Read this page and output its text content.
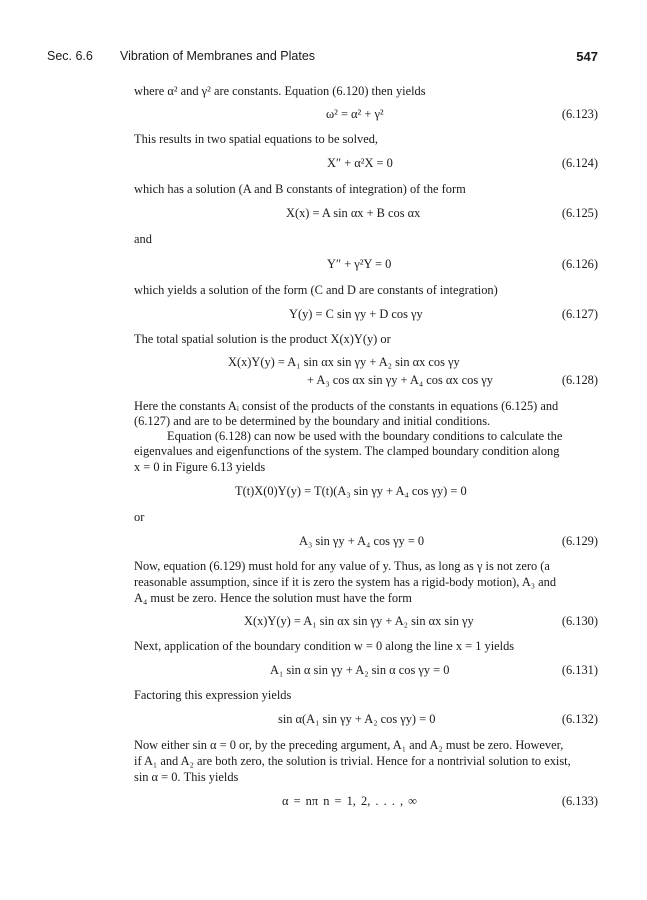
Sec. 6.6 Vibration of Membranes and Plates	547
where α² and γ² are constants. Equation (6.120) then yields
ω² = α² + γ²	(6.123)
This results in two spatial equations to be solved,
X″ + α²X = 0	(6.124)
which has a solution (A and B constants of integration) of the form
X(x) = A sin αx + B cos αx	(6.125)
and
Y″ + γ²Y = 0	(6.126)
which yields a solution of the form (C and D are constants of integration)
Y(y) = C sin γy + D cos γy	(6.127)
The total spatial solution is the product X(x)Y(y) or
X(x)Y(y) = A₁ sin αx sin γy + A₂ sin αx cos γy
+ A₃ cos αx sin γy + A₄ cos αx cos γy	(6.128)
Here the constants Aᵢ consist of the products of the constants in equations (6.125) and
(6.127) and are to be determined by the boundary and initial conditions.
Equation (6.128) can now be used with the boundary conditions to calculate the
eigenvalues and eigenfunctions of the system. The clamped boundary condition along
x = 0 in Figure 6.13 yields
T(t)X(0)Y(y) = T(t)(A₃ sin γy + A₄ cos γy) = 0
or
A₃ sin γy + A₄ cos γy = 0	(6.129)
Now, equation (6.129) must hold for any value of y. Thus, as long as γ is not zero (a
reasonable assumption, since if it is zero the system has a rigid-body motion), A₃ and
A₄ must be zero. Hence the solution must have the form
X(x)Y(y) = A₁ sin αx sin γy + A₂ sin αx sin γy	(6.130)
Next, application of the boundary condition w = 0 along the line x = 1 yields
A₁ sin α sin γy + A₂ sin α cos γy = 0	(6.131)
Factoring this expression yields
sin α(A₁ sin γy + A₂ cos γy) = 0	(6.132)
Now either sin α = 0 or, by the preceding argument, A₁ and A₂ must be zero. However,
if A₁ and A₂ are both zero, the solution is trivial. Hence for a nontrivial solution to exist,
sin α = 0. This yields
α = nπ n = 1, 2, . . . , ∞	(6.133)
